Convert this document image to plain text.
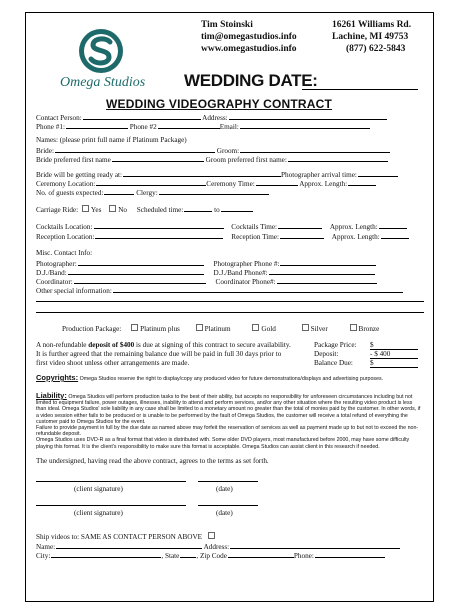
Omega Studios
Tim Stoinski
tim@omegastudios.info
www.omegastudios.info
16261 Williams Rd.
Lachine, MI 49753
(877) 622-5843
WEDDING DATE:
WEDDING VIDEOGRAPHY CONTRACT
Contact Person:	Address:
Phone #1:	Phone #2	Email:
Names: (please print full name if Platinum Package)
Bride:	Groom:
Bride preferred first name	Groom preferred first name:
Bride will be getting ready at:	Photographer arrival time:
Ceremony Location:	Ceremony Time:	Approx. Length:
No. of guests expected:	Clergy:
Carriage Ride: Yes No Scheduled time:	to
Cocktails Location:	Cocktails Time:	Approx. Length:
Reception Location:	Reception Time:	Approx. Length:
Misc. Contact Info:
Photographer:	Photographer Phone #:
D.J./Band:	D.J./Band Phone#:
Coordinator:	Coordinator Phone#:
Other special information:
Production Package:	Platinum plus	Platinum	Gold	Silver	Bronze
A non-refundable deposit of $400 is due at signing of this contract to secure availability.
It is further agreed that the remaining balance due will be paid in full 30 days prior to
first video shoot unless other arrangements are made.
Package Price: $
Deposit:	- $ 400
Balance Due: $
Copyrights: Omega Studios reserve the right to display/copy any produced video for future demonstrations/displays and advertising purposes.
Liability: Omega Studios will perform production tasks to the best of their ability, but accepts no responsibility for unforeseen circumstances including but not limited to equipment failure, power outages, illnesses, inability to attend and perform services, and/or any other situation where the resulting video product is less than ideal. Omega Studios' sole liability in any case shall be limited to a monetary amount no greater than the total of monies paid by the customer. In other words, if a video session either fails to be produced or is unable to be performed by the fault of Omega Studios, the customer will receive a total refund of everything the customer paid to Omega Studios for the event.
Failure to provide payment in full by the due date as named above may forfeit the reservation of services as well as payment made up to but not to exceed the non-refundable deposit.
Omega Studios uses DVD-R as a final format that video is distributed with. Some older DVD players, most manufactured before 2000, may have some difficulty playing this format. It is the client's responsibility to make sure this format is acceptable. Omega Studios can assist client in this research if needed.
The undersigned, having read the above contract, agrees to the terms as set forth.
(client signature)	(date)
(client signature)	(date)
Ship videos to: SAME AS CONTACT PERSON ABOVE
Name:	Address:
City:	, State , Zip Code	Phone:
